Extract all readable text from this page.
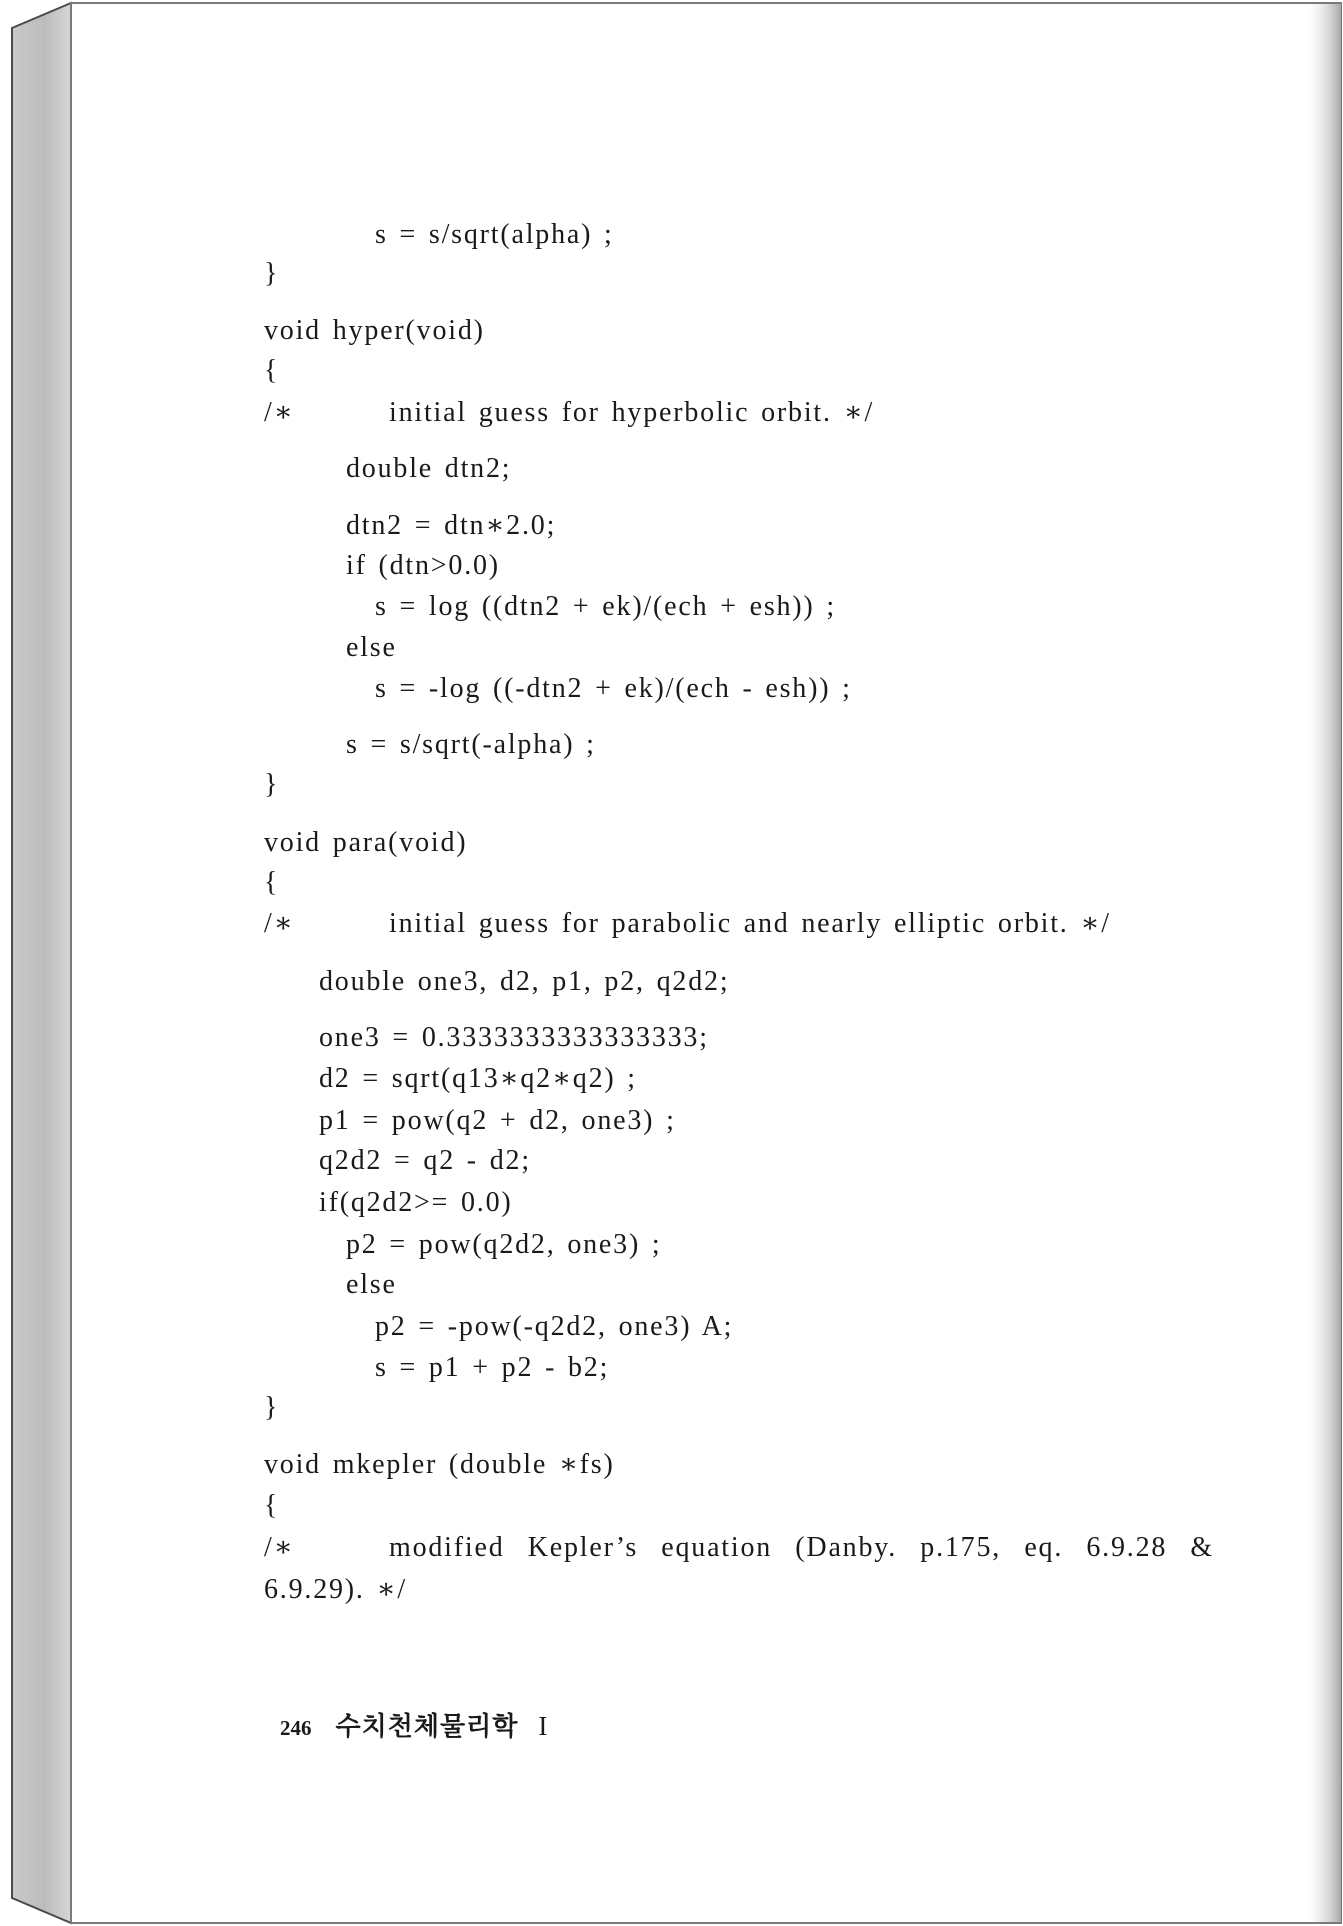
s = s/sqrt(alpha) ;
}
void hyper(void)
{

/∗

	initial guess for hyperbolic orbit. ∗/

double dtn2;
dtn2 = dtn∗2.0;
if (dtn>0.0)
s = log ((dtn2 + ek)/(ech + esh)) ;
else
s = -log ((-dtn2 + ek)/(ech - esh)) ;
s = s/sqrt(-alpha) ;
}
void para(void)
{

/∗

	initial guess for parabolic and nearly elliptic orbit. ∗/

double one3, d2, p1, p2, q2d2;
one3 = 0.3333333333333333;
d2 = sqrt(q13∗q2∗q2) ;
p1 = pow(q2 + d2, one3) ;
q2d2 = q2 - d2;
if(q2d2>= 0.0)
p2 = pow(q2d2, one3) ;
else
p2 = -pow(-q2d2, one3) A;
s = p1 + p2 - b2;
}
void mkepler (double ∗fs)
{

/∗

	modified Kepler’s equation (Danby. p.175, eq. 6.9.28 &

6.9.29). ∗/
246 수치천체물리학 I
